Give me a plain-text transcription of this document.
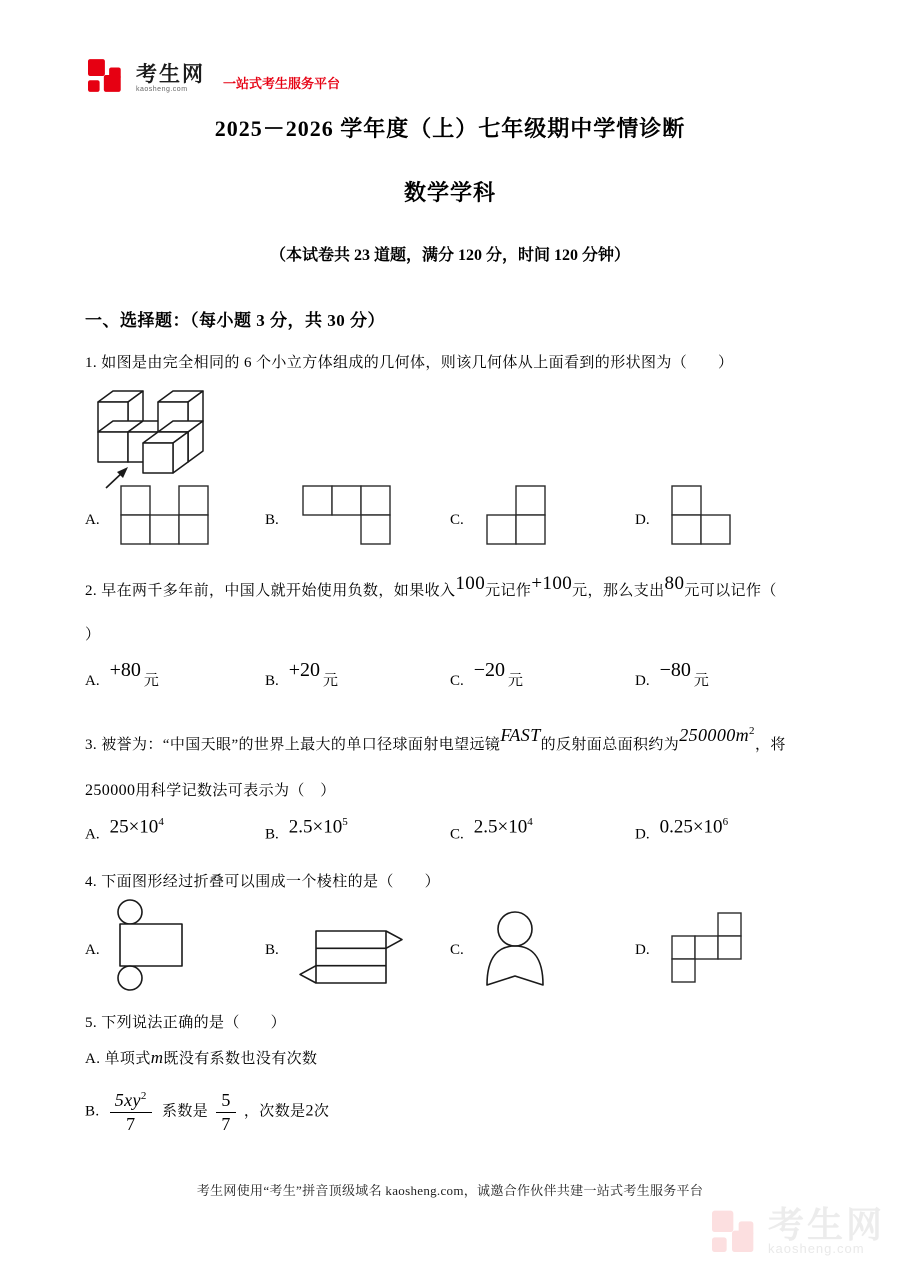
考生网
kaosheng.com	一站式考生服务平台
2025－2026 学年度（上）七年级期中学情诊断
数学学科
（本试卷共 23 道题，满分 120 分，时间 120 分钟）
一、选择题：（每小题 3 分，共 30 分）
1. 如图是由完全相同的 6 个小立方体组成的几何体，则该几何体从上面看到的形状图为（　　）
A.	B.	C.	D.
2. 早在两千多年前，中国人就开始使用负数，如果收入100元记作+100元，那么支出80元可以记作（
）
A. +80 元	B. +20 元	C. −20 元	D. −80 元
3. 被誉为：“中国天眼”的世界上最大的单口径球面射电望远镜FAST的反射面总面积约为$250000m^2$，将
250000用科学记数法可表示为（　）
A. $25\times 10^4$
B. $2.5\times 10^5$
C. $2.5\times 10^4$
D. $0.25\times 10^6$
4. 下面图形经过折叠可以围成一个棱柱的是（　　）
A.	B.	C.	D.
5. 下列说法正确的是（　　）
A. 单项式m既没有系数也没有次数
B. $\frac{5xy^2}{7}$ 系数是 $\frac{5}{7}$ ，次数是2次
考生网使用“考生”拼音顶级域名 kaosheng.com，诚邀合作伙伴共建一站式考生服务平台
考生网
kaosheng.com
